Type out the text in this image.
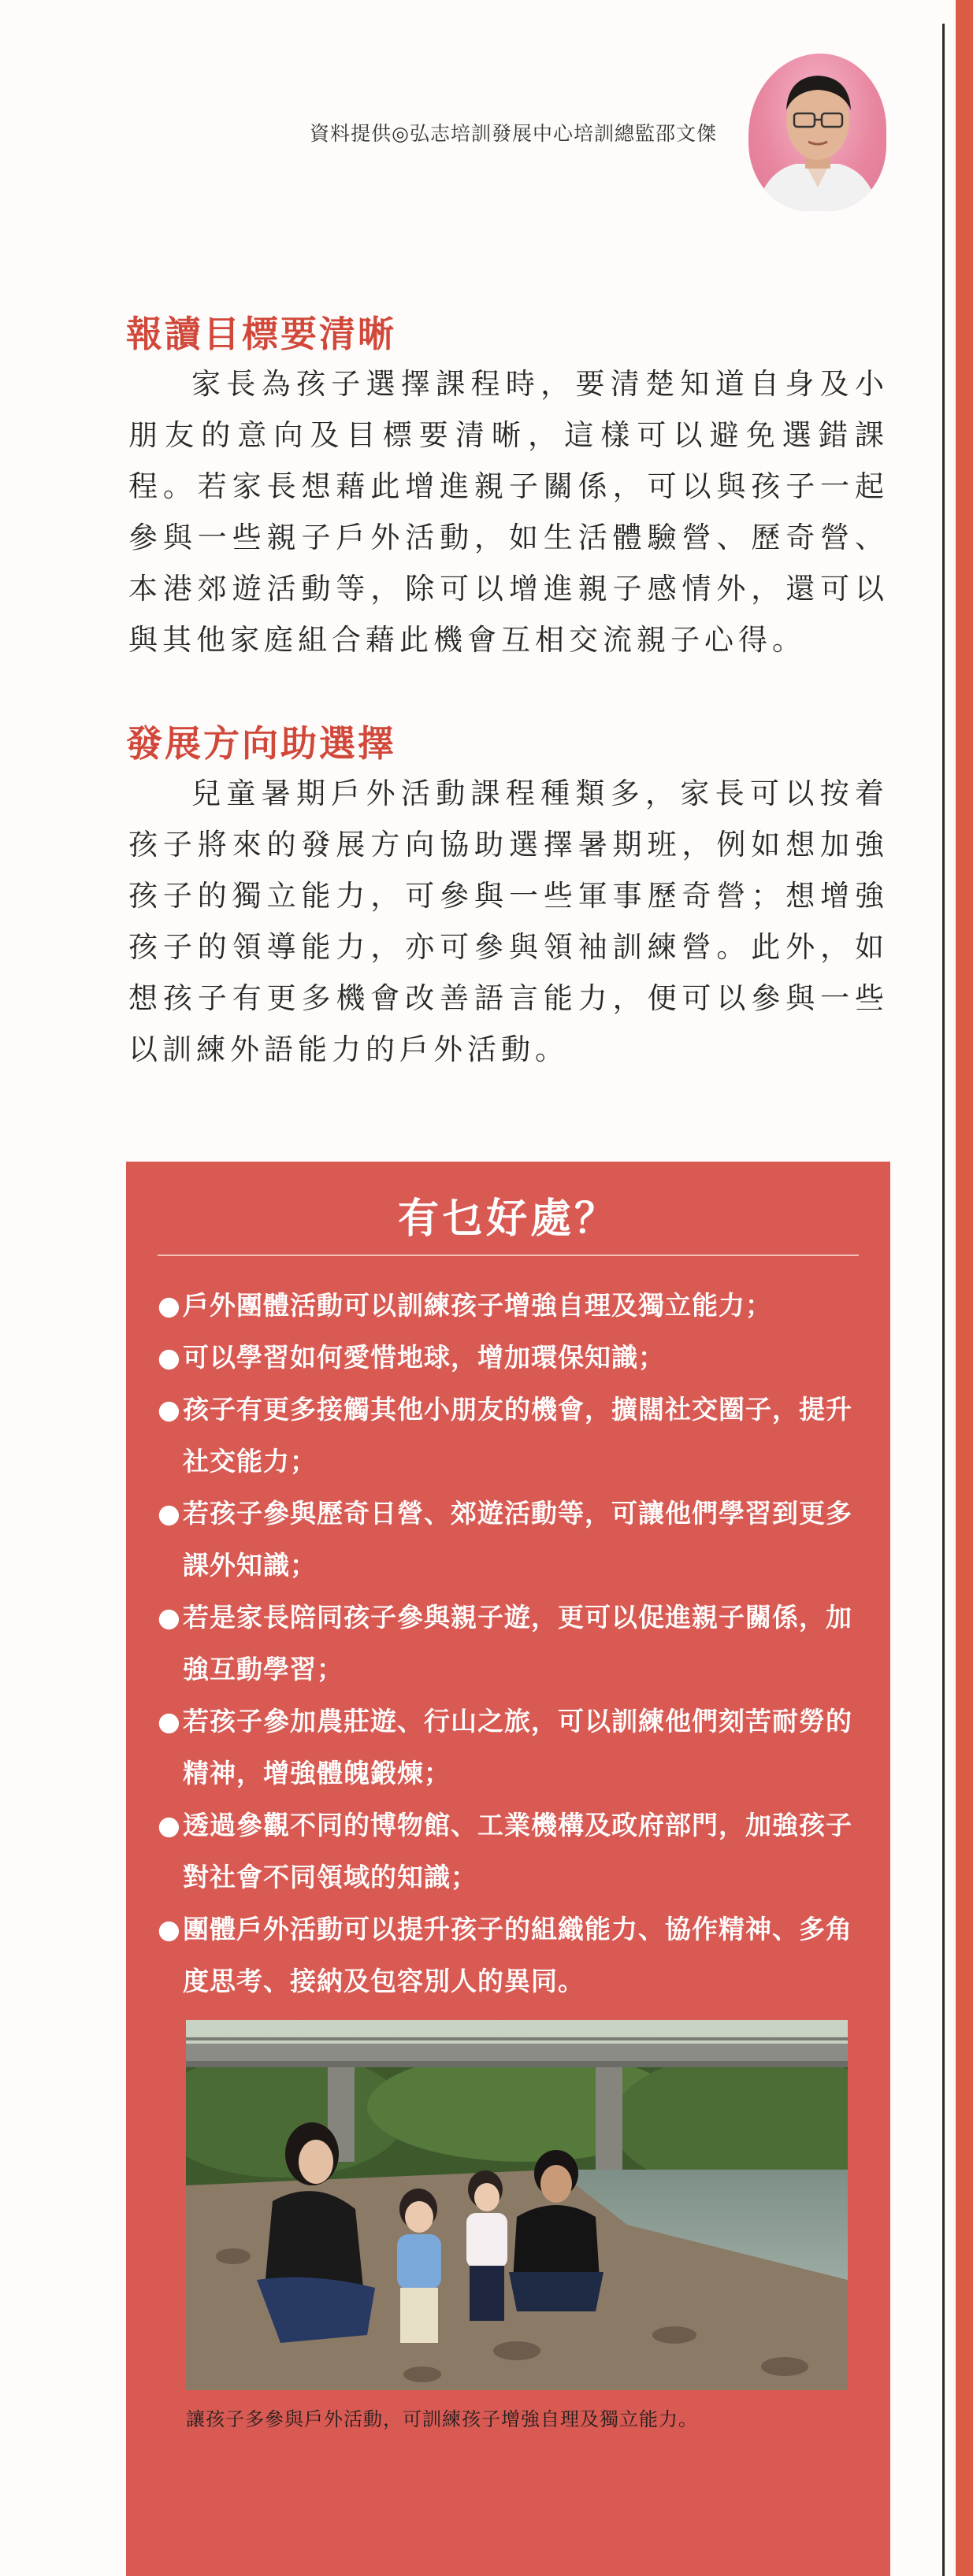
資料提供◎弘志培訓發展中心培訓總監邵文傑
報讀目標要清晰
家長為孩子選擇課程時，要清楚知道自身及小朋友的意向及目標要清晰，這樣可以避免選錯課程。若家長想藉此增進親子關係，可以與孩子一起參與一些親子戶外活動，如生活體驗營、歷奇營、本港郊遊活動等，除可以增進親子感情外，還可以與其他家庭組合藉此機會互相交流親子心得。
發展方向助選擇
兒童暑期戶外活動課程種類多，家長可以按着孩子將來的發展方向協助選擇暑期班，例如想加強孩子的獨立能力，可參與一些軍事歷奇營；想增強孩子的領導能力，亦可參與領袖訓練營。此外，如想孩子有更多機會改善語言能力，便可以參與一些以訓練外語能力的戶外活動。
有乜好處？
● 戶外團體活動可以訓練孩子增強自理及獨立能力；
● 可以學習如何愛惜地球，增加環保知識；
● 孩子有更多接觸其他小朋友的機會，擴闊社交圈子，提升社交能力；
● 若孩子參與歷奇日營、郊遊活動等，可讓他們學習到更多課外知識；
● 若是家長陪同孩子參與親子遊，更可以促進親子關係，加強互動學習；
● 若孩子參加農莊遊、行山之旅，可以訓練他們刻苦耐勞的精神，增強體魄鍛煉；
● 透過參觀不同的博物館、工業機構及政府部門，加強孩子對社會不同領域的知識；
● 團體戶外活動可以提升孩子的組織能力、協作精神、多角度思考、接納及包容別人的異同。
讓孩子多參與戶外活動，可訓練孩子增強自理及獨立能力。
